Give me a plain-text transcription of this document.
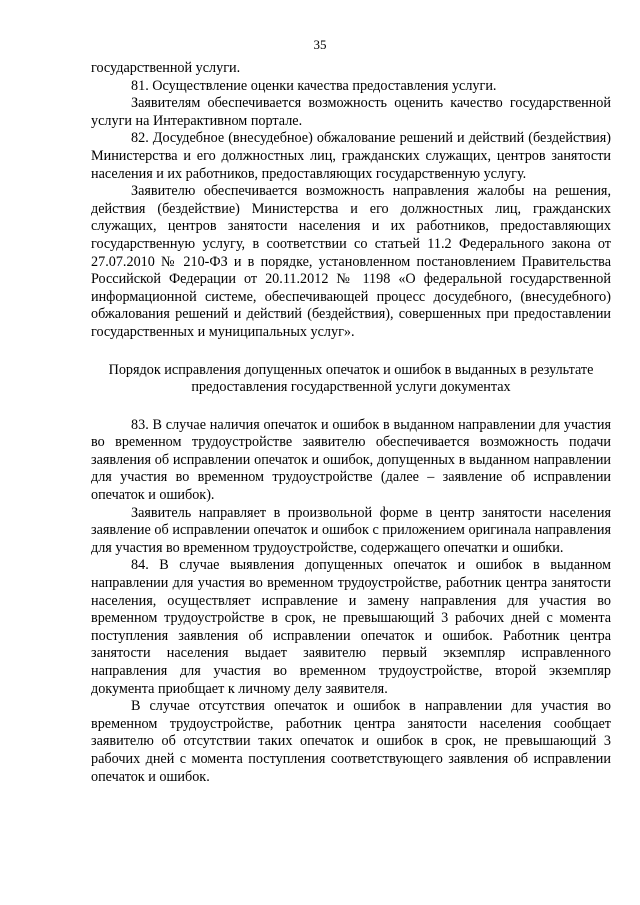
35

государственной услуги.

81. Осуществление оценки качества предоставления услуги.

Заявителям обеспечивается возможность оценить качество государственной услуги на Интерактивном портале.

82. Досудебное (внесудебное) обжалование решений и действий (бездействия) Министерства и его должностных лиц, гражданских служащих, центров занятости населения и их работников, предоставляющих государственную услугу.

Заявителю обеспечивается возможность направления жалобы на решения, действия (бездействие) Министерства и его должностных лиц, гражданских служащих, центров занятости населения и их работников, предоставляющих государственную услугу, в соответствии со статьей 11.2 Федерального закона от 27.07.2010 № 210-ФЗ и в порядке, установленном постановлением Правительства Российской Федерации от 20.11.2012 № 1198 «О федеральной государственной информационной системе, обеспечивающей процесс досудебного, (внесудебного) обжалования решений и действий (бездействия), совершенных при предоставлении государственных и муниципальных услуг».

Порядок исправления допущенных опечаток и ошибок в выданных в результате предоставления государственной услуги документах

83. В случае наличия опечаток и ошибок в выданном направлении для участия во временном трудоустройстве заявителю обеспечивается возможность подачи заявления об исправлении опечаток и ошибок, допущенных в выданном направлении для участия во временном трудоустройстве (далее – заявление об исправлении опечаток и ошибок).

Заявитель направляет в произвольной форме в центр занятости населения заявление об исправлении опечаток и ошибок с приложением оригинала направления для участия во временном трудоустройстве, содержащего опечатки и ошибки.

84. В случае выявления допущенных опечаток и ошибок в выданном направлении для участия во временном трудоустройстве, работник центра занятости населения, осуществляет исправление и замену направления для участия во временном трудоустройстве в срок, не превышающий 3 рабочих дней с момента поступления заявления об исправлении опечаток и ошибок. Работник центра занятости населения выдает заявителю первый экземпляр исправленного направления для участия во временном трудоустройстве, второй экземпляр документа приобщает к личному делу заявителя.

В случае отсутствия опечаток и ошибок в направлении для участия во временном трудоустройстве, работник центра занятости населения сообщает заявителю об отсутствии таких опечаток и ошибок в срок, не превышающий 3 рабочих дней с момента поступления соответствующего заявления об исправлении опечаток и ошибок.
